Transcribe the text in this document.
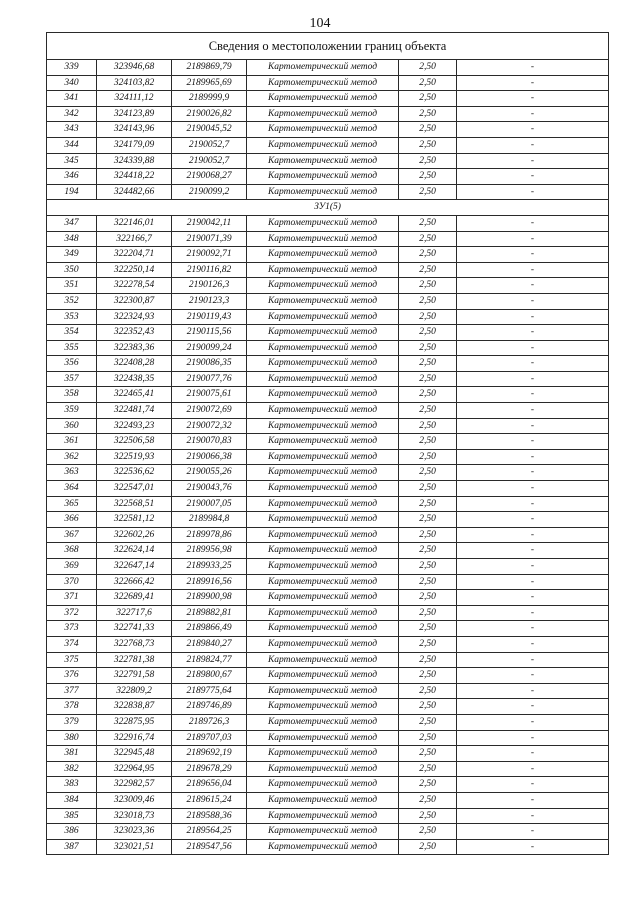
104
Сведения о местоположении границ объекта					
339	323946,68	2189869,79	Картометрический метод	2,50	-
340	324103,82	2189965,69	Картометрический метод	2,50	-
341	324111,12	2189999,9	Картометрический метод	2,50	-
342	324123,89	2190026,82	Картометрический метод	2,50	-
343	324143,96	2190045,52	Картометрический метод	2,50	-
344	324179,09	2190052,7	Картометрический метод	2,50	-
345	324339,88	2190052,7	Картометрический метод	2,50	-
346	324418,22	2190068,27	Картометрический метод	2,50	-
194	324482,66	2190099,2	Картометрический метод	2,50	-
ЗУ1(5)					
347	322146,01	2190042,11	Картометрический метод	2,50	-
348	322166,7	2190071,39	Картометрический метод	2,50	-
349	322204,71	2190092,71	Картометрический метод	2,50	-
350	322250,14	2190116,82	Картометрический метод	2,50	-
351	322278,54	2190126,3	Картометрический метод	2,50	-
352	322300,87	2190123,3	Картометрический метод	2,50	-
353	322324,93	2190119,43	Картометрический метод	2,50	-
354	322352,43	2190115,56	Картометрический метод	2,50	-
355	322383,36	2190099,24	Картометрический метод	2,50	-
356	322408,28	2190086,35	Картометрический метод	2,50	-
357	322438,35	2190077,76	Картометрический метод	2,50	-
358	322465,41	2190075,61	Картометрический метод	2,50	-
359	322481,74	2190072,69	Картометрический метод	2,50	-
360	322493,23	2190072,32	Картометрический метод	2,50	-
361	322506,58	2190070,83	Картометрический метод	2,50	-
362	322519,93	2190066,38	Картометрический метод	2,50	-
363	322536,62	2190055,26	Картометрический метод	2,50	-
364	322547,01	2190043,76	Картометрический метод	2,50	-
365	322568,51	2190007,05	Картометрический метод	2,50	-
366	322581,12	2189984,8	Картометрический метод	2,50	-
367	322602,26	2189978,86	Картометрический метод	2,50	-
368	322624,14	2189956,98	Картометрический метод	2,50	-
369	322647,14	2189933,25	Картометрический метод	2,50	-
370	322666,42	2189916,56	Картометрический метод	2,50	-
371	322689,41	2189900,98	Картометрический метод	2,50	-
372	322717,6	2189882,81	Картометрический метод	2,50	-
373	322741,33	2189866,49	Картометрический метод	2,50	-
374	322768,73	2189840,27	Картометрический метод	2,50	-
375	322781,38	2189824,77	Картометрический метод	2,50	-
376	322791,58	2189800,67	Картометрический метод	2,50	-
377	322809,2	2189775,64	Картометрический метод	2,50	-
378	322838,87	2189746,89	Картометрический метод	2,50	-
379	322875,95	2189726,3	Картометрический метод	2,50	-
380	322916,74	2189707,03	Картометрический метод	2,50	-
381	322945,48	2189692,19	Картометрический метод	2,50	-
382	322964,95	2189678,29	Картометрический метод	2,50	-
383	322982,57	2189656,04	Картометрический метод	2,50	-
384	323009,46	2189615,24	Картометрический метод	2,50	-
385	323018,73	2189588,36	Картометрический метод	2,50	-
386	323023,36	2189564,25	Картометрический метод	2,50	-
387	323021,51	2189547,56	Картометрический метод	2,50	-
